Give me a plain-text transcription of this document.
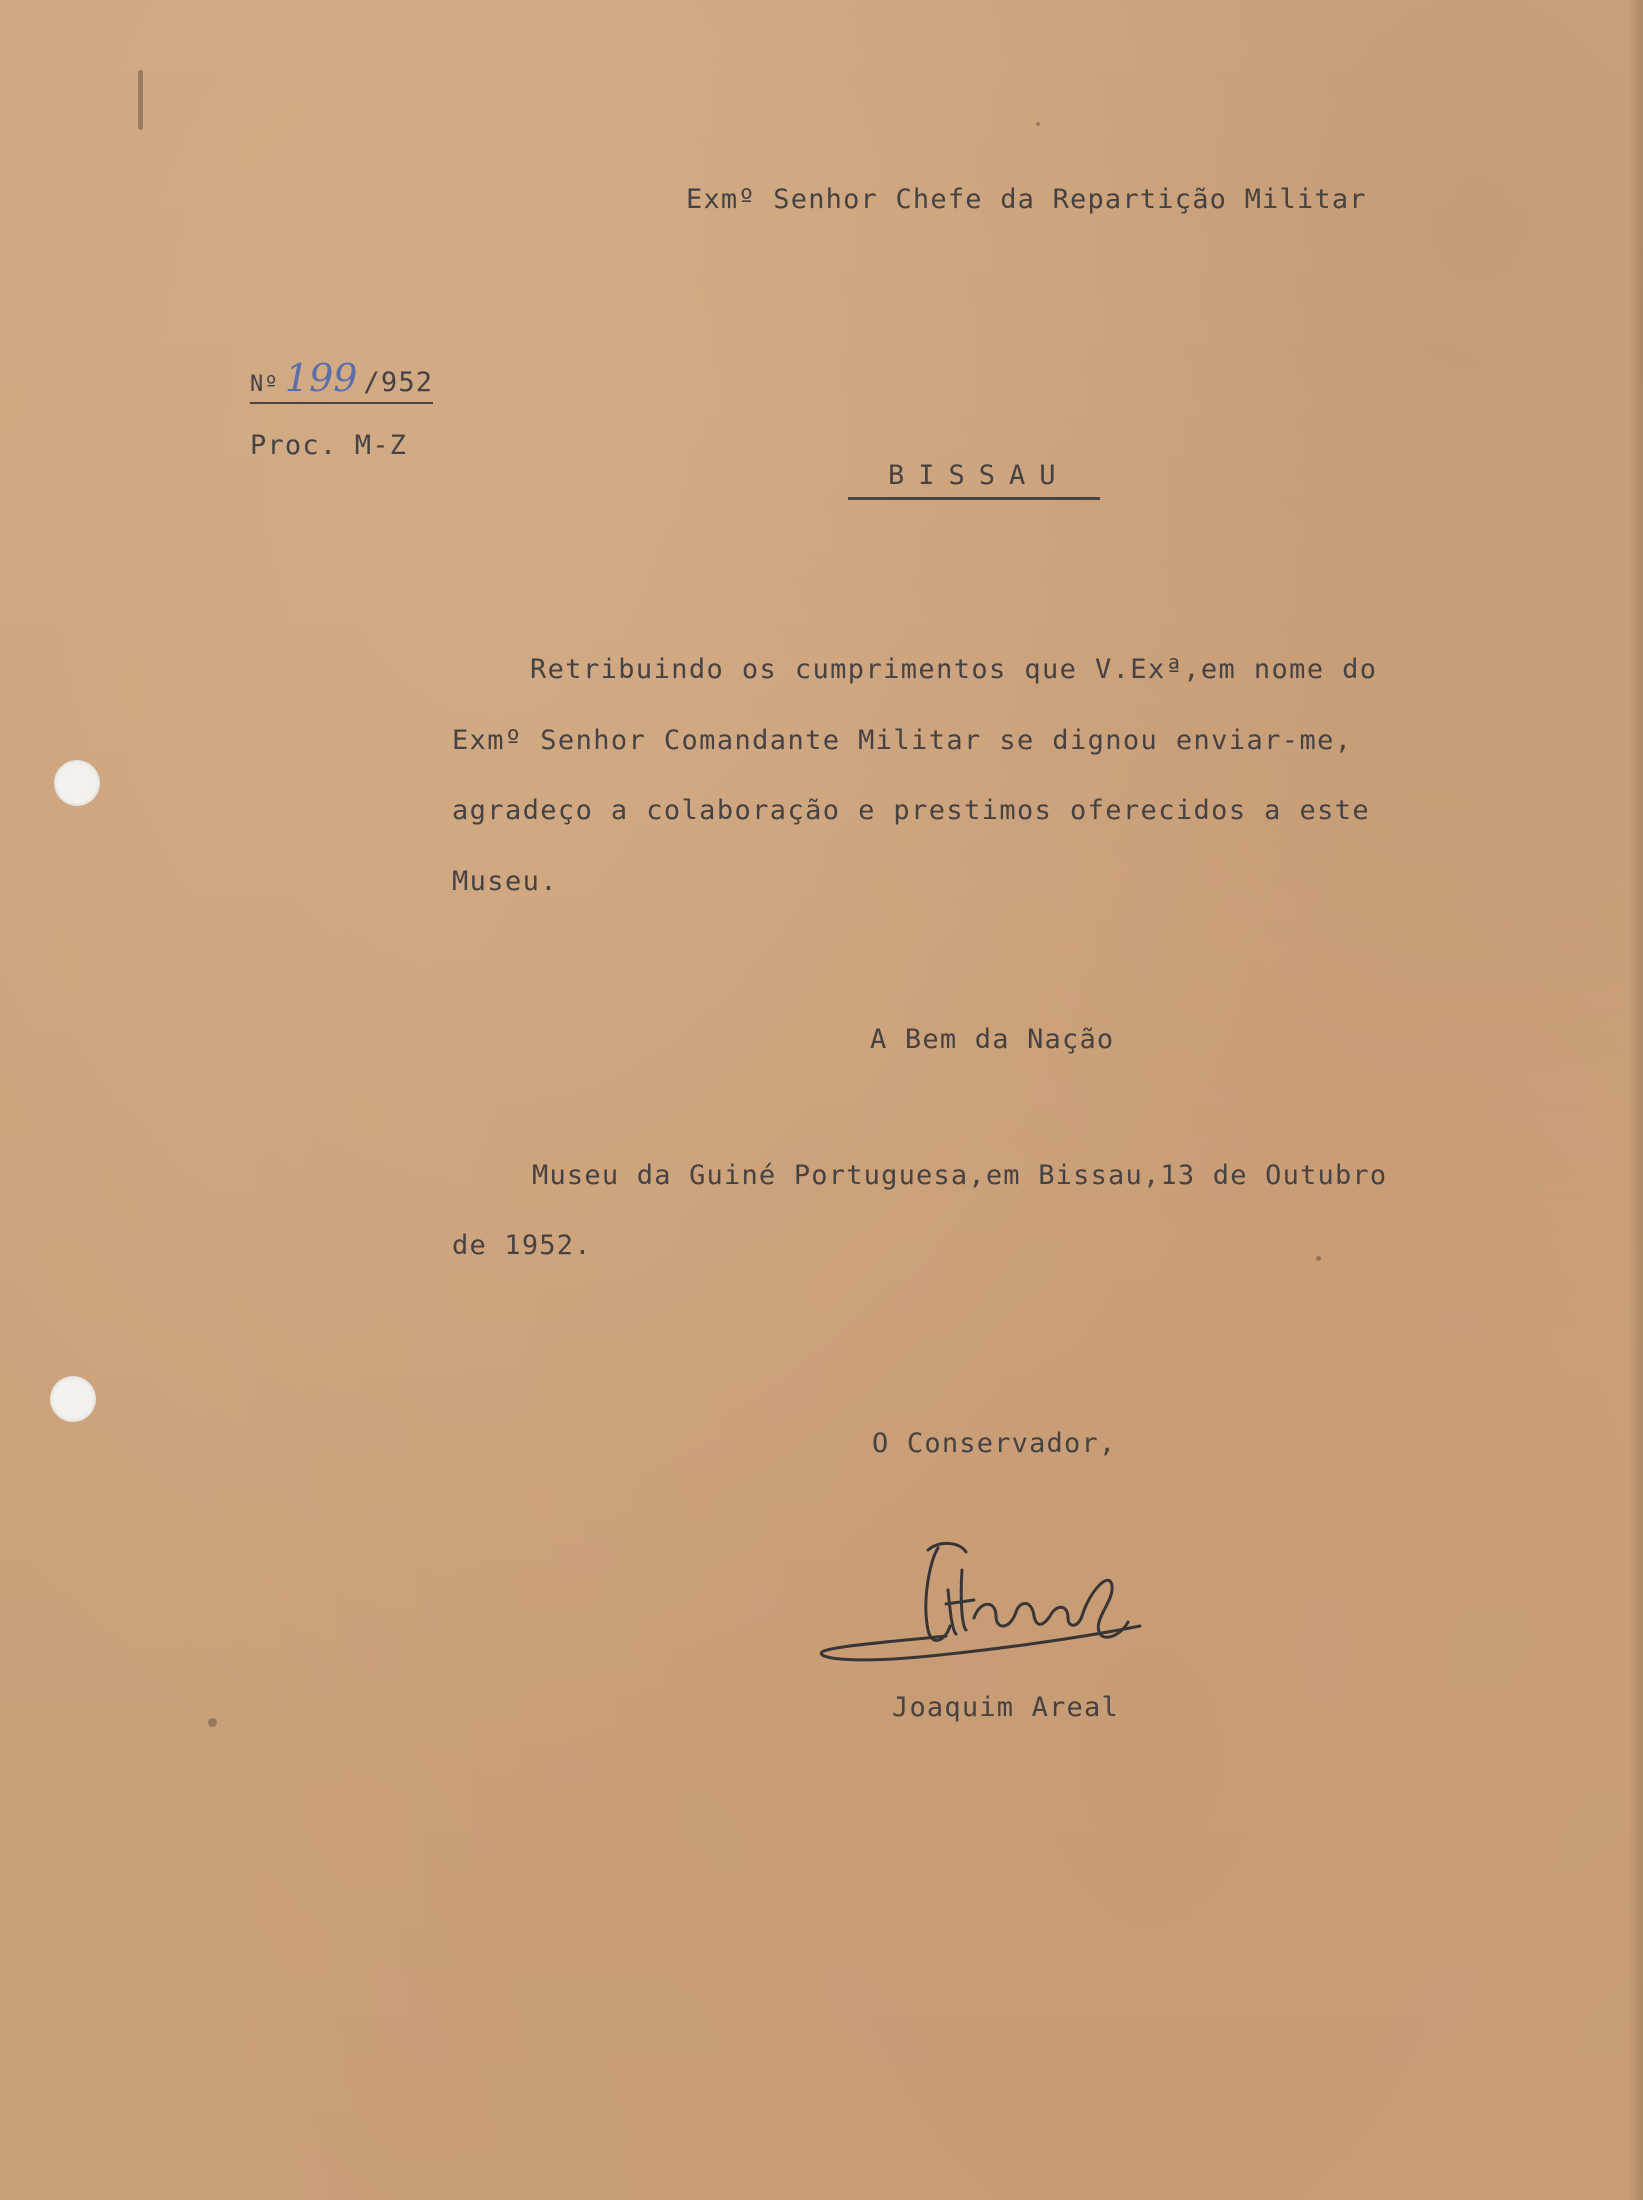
Exmº Senhor Chefe da Repartição Militar
Nº 199 /952
Proc. M-Z
BISSAU
Retribuindo os cumprimentos que V.Exª,em nome do
Exmº Senhor Comandante Militar se dignou enviar-me,
agradeço a colaboração e prestimos oferecidos a este
Museu.
A Bem da Nação
Museu da Guiné Portuguesa,em Bissau,13 de Outubro
de 1952.
O Conservador,
Joaquim Areal
